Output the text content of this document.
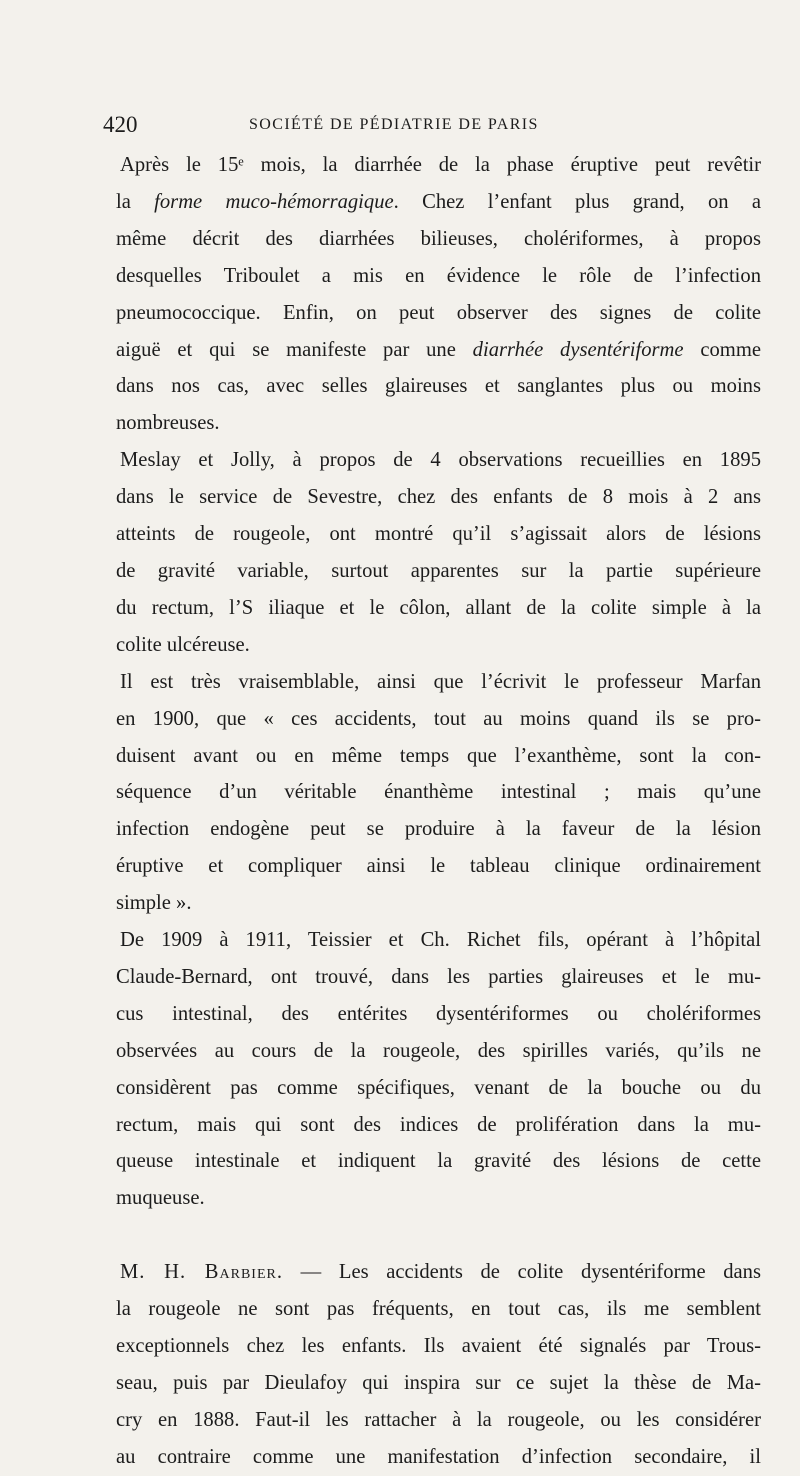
420	SOCIÉTÉ DE PÉDIATRIE DE PARIS
Après le 15ᵉ mois, la diarrhée de la phase éruptive peut revêtir
la forme muco-hémorragique. Chez l’enfant plus grand, on a
même décrit des diarrhées bilieuses, cholériformes, à propos
desquelles Triboulet a mis en évidence le rôle de l’infection
pneumococcique. Enfin, on peut observer des signes de colite
aiguë et qui se manifeste par une diarrhée dysentériforme comme
dans nos cas, avec selles glaireuses et sanglantes plus ou moins
nombreuses.
Meslay et Jolly, à propos de 4 observations recueillies en 1895
dans le service de Sevestre, chez des enfants de 8 mois à 2 ans
atteints de rougeole, ont montré qu’il s’agissait alors de lésions
de gravité variable, surtout apparentes sur la partie supérieure
du rectum, l’S iliaque et le côlon, allant de la colite simple à la
colite ulcéreuse.
Il est très vraisemblable, ainsi que l’écrivit le professeur Marfan
en 1900, que « ces accidents, tout au moins quand ils se pro-
duisent avant ou en même temps que l’exanthème, sont la con-
séquence d’un véritable énanthème intestinal ; mais qu’une
infection endogène peut se produire à la faveur de la lésion
éruptive et compliquer ainsi le tableau clinique ordinairement
simple ».
De 1909 à 1911, Teissier et Ch. Richet fils, opérant à l’hôpital
Claude-Bernard, ont trouvé, dans les parties glaireuses et le mu-
cus intestinal, des entérites dysentériformes ou cholériformes
observées au cours de la rougeole, des spirilles variés, qu’ils ne
considèrent pas comme spécifiques, venant de la bouche ou du
rectum, mais qui sont des indices de prolifération dans la mu-
queuse intestinale et indiquent la gravité des lésions de cette
muqueuse.
M. H. Barbier. — Les accidents de colite dysentériforme dans
la rougeole ne sont pas fréquents, en tout cas, ils me semblent
exceptionnels chez les enfants. Ils avaient été signalés par Trous-
seau, puis par Dieulafoy qui inspira sur ce sujet la thèse de Ma-
cry en 1888. Faut-il les rattacher à la rougeole, ou les considérer
au contraire comme une manifestation d’infection secondaire, il
